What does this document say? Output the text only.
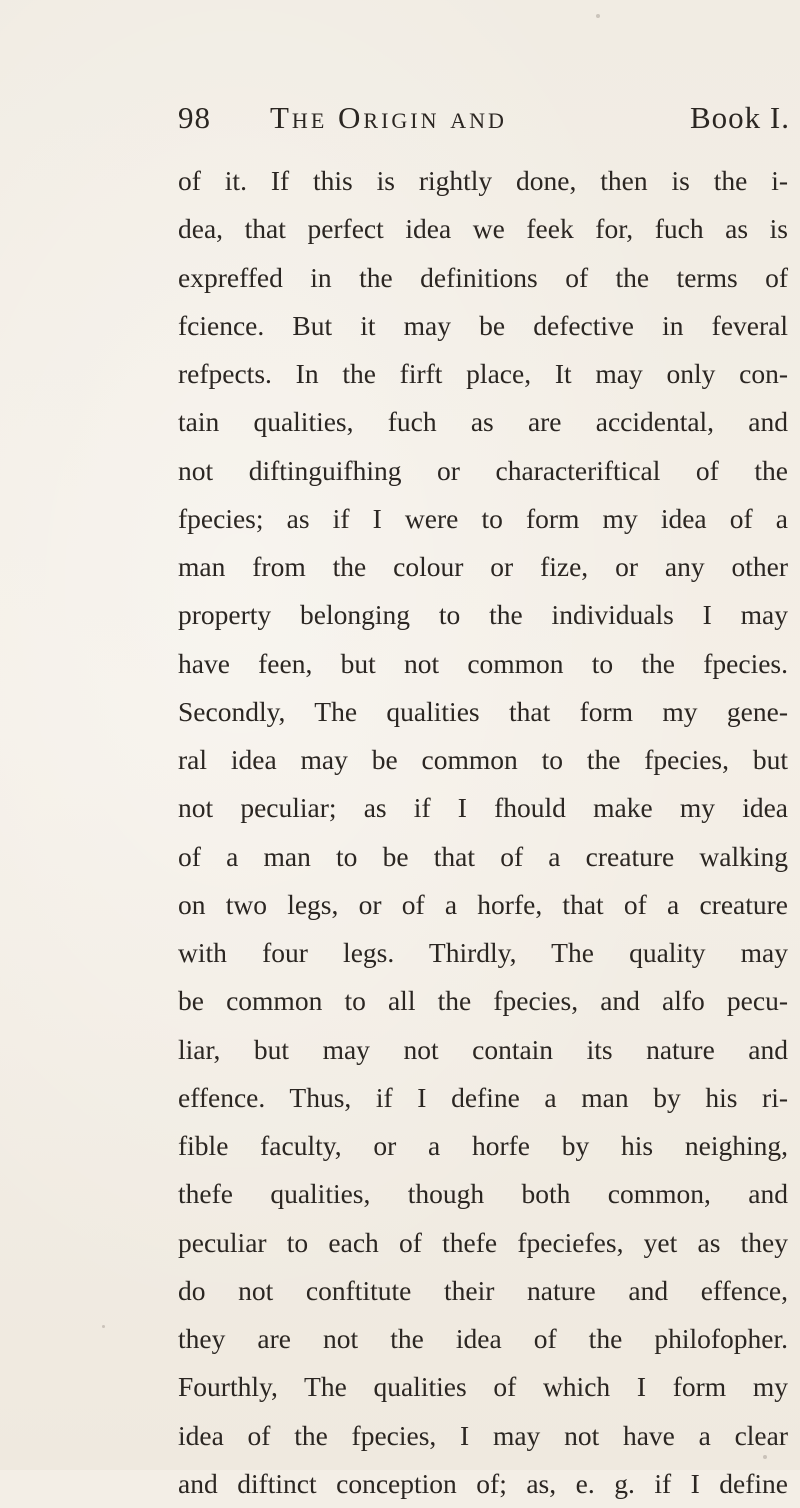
98 The Origin and	Book I.
of it. If this is rightly done, then is the i-
dea, that perfect idea we feek for, fuch as is
expreffed in the definitions of the terms of
fcience. But it may be defective in feveral
refpects. In the firft place, It may only con-
tain qualities, fuch as are accidental, and
not diftinguifhing or characteriftical of the
fpecies; as if I were to form my idea of a
man from the colour or fize, or any other
property belonging to the individuals I may
have feen, but not common to the fpecies.
Secondly, The qualities that form my gene-
ral idea may be common to the fpecies, but
not peculiar; as if I fhould make my idea
of a man to be that of a creature walking
on two legs, or of a horfe, that of a creature
with four legs. Thirdly, The quality may
be common to all the fpecies, and alfo pecu-
liar, but may not contain its nature and
effence. Thus, if I define a man by his ri-
fible faculty, or a horfe by his neighing,
thefe qualities, though both common, and
peculiar to each of thefe fpeciefes, yet as they
do not conftitute their nature and effence,
they are not the idea of the philofopher.
Fourthly, The qualities of which I form my
idea of the fpecies, I may not have a clear
and diftinct conception of; as, e. g. if I define
